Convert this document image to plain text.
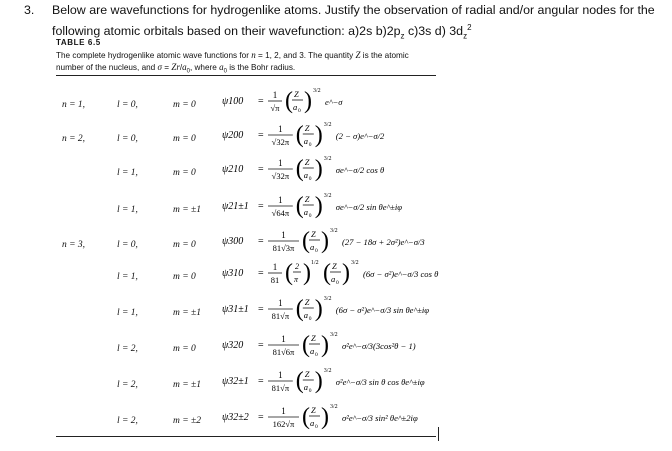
3. Below are wavefunctions for hydrogenlike atoms. Justify the observation of radial and/or angular nodes for the following atomic orbitals based on their wavefunction: a)2s $b)2p_z$ c)3s d) $3d_z^2$
TABLE 6.5
The complete hydrogenlike atomic wave functions for n = 1, 2, and 3. The quantity Z is the atomic number of the nucleus, and $\sigma = Zr/a_0$, where $a_0$ is the Bohr radius.
n = 1,	l = 0,	m = 0	ψ100 =
1
√π ( Z
a 0 ) 3/2
e^−σ
n = 2,	l = 0,	m = 0	ψ200 =
1
√32π ( Z
a 0 ) 3/2
(2 − σ)e^−σ/2
l = 1,	m = 0	ψ210 =
1
√32π ( Z
a 0 ) 3/2
σe^−σ/2 cos θ
l = 1,	m = ±1 ψ21±1 =
1
√64π ( Z
a 0 ) 3/2
σe^−σ/2 sin θe^±iφ
n = 3,	l = 0,	m = 0	ψ300 =
1
81√3π ( Z
a 0 ) 3/2
(27 − 18σ + 2σ²)e^−σ/3
l = 1,	m = 0	ψ310 =
1
81 ( 2
π ) 1/2 ( Z
a 0 ) 3/2
(6σ − σ²)e^−σ/3 cos θ
l = 1,	m = ±1 ψ31±1 =
1
81√π ( Z
a 0 ) 3/2
(6σ − σ²)e^−σ/3 sin θe^±iφ
l = 2,	m = 0	ψ320 =
1
81√6π ( Z
a 0 ) 3/2
σ²e^−σ/3(3cos²θ − 1)
l = 2,	m = ±1 ψ32±1 =
1
81√π ( Z
a 0 ) 3/2
σ²e^−σ/3 sin θ cos θe^±iφ
l = 2,	m = ±2 ψ32±2 =
1
162√π ( Z
a 0 ) 3/2
σ²e^−σ/3 sin² θe^±2iφ
